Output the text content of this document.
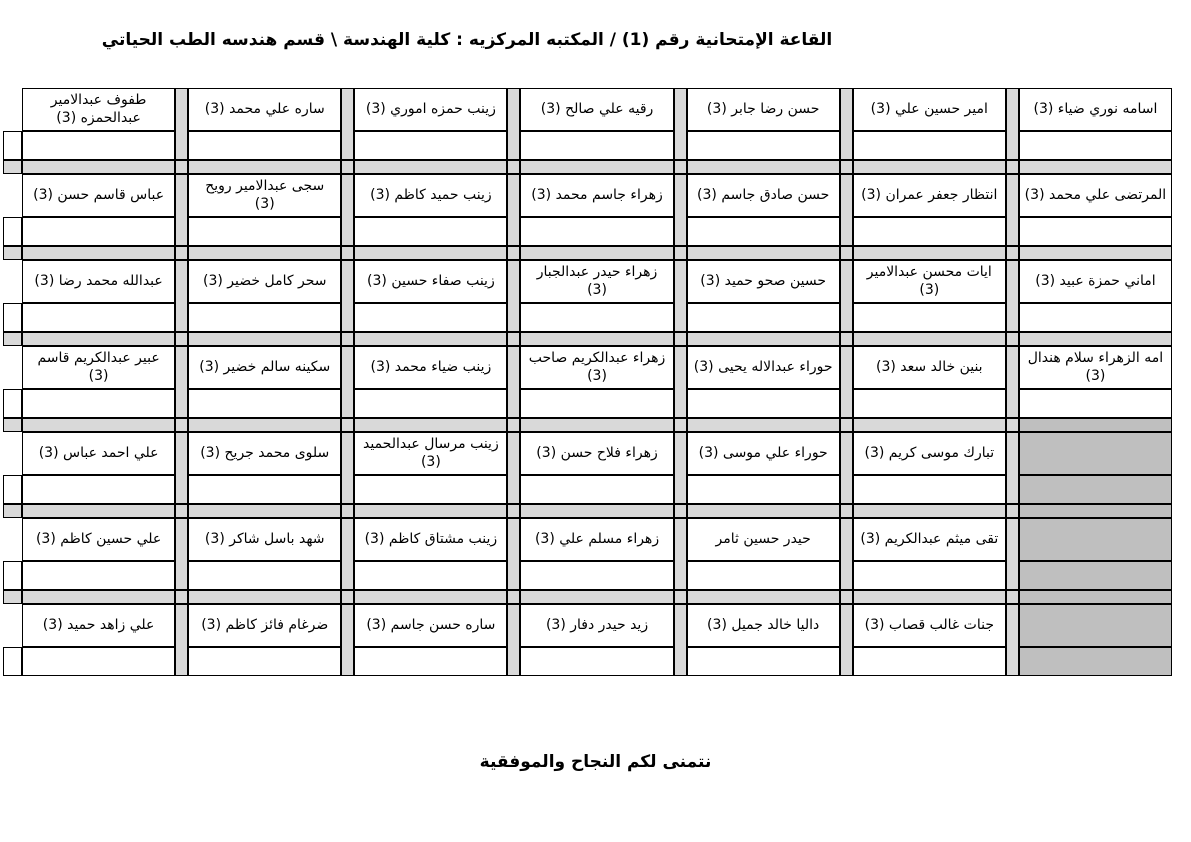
القاعة الإمتحانية رقم (1) / المكتبه المركزيه : كلية الهندسة \ قسم هندسه الطب الحياتي
اسامه نوري ضياء (3)
امير حسين علي (3)
حسن رضا جابر (3)
رقيه علي صالح (3)
زينب حمزه اموري (3)
ساره علي محمد (3)
طفوف عبدالامير عبدالحمزه (3)
المرتضى علي محمد (3)
انتظار جعفر عمران (3)
حسن صادق جاسم (3)
زهراء جاسم محمد (3)
زينب حميد كاظم (3)
سجى عبدالامير رويح (3)
عباس قاسم حسن (3)
اماني حمزة عبيد (3)
ايات محسن عبدالامير (3)
حسين صحو حميد (3)
زهراء حيدر عبدالجبار (3)
زينب صفاء حسين (3)
سحر كامل خضير (3)
عبدالله محمد رضا (3)
امه الزهراء سلام هندال (3)
بنين خالد سعد (3)
حوراء عبدالاله يحيى (3)
زهراء عبدالكريم صاحب (3)
زينب ضياء محمد (3)
سكينه سالم خضير (3)
عبير عبدالكريم قاسم (3)
تبارك موسى كريم (3)
حوراء علي موسى (3)
زهراء فلاح حسن (3)
زينب مرسال عبدالحميد (3)
سلوى محمد جريح (3)
علي احمد عباس (3)
تقى ميثم عبدالكريم (3)
حيدر حسين ثامر
زهراء مسلم علي (3)
زينب مشتاق كاظم (3)
شهد باسل شاكر (3)
علي حسين كاظم (3)
جنات غالب قصاب (3)
داليا خالد جميل (3)
زيد حيدر دفار (3)
ساره حسن جاسم (3)
ضرغام فائز كاظم (3)
علي زاهد حميد (3)
نتمنى لكم النجاح والموفقية
